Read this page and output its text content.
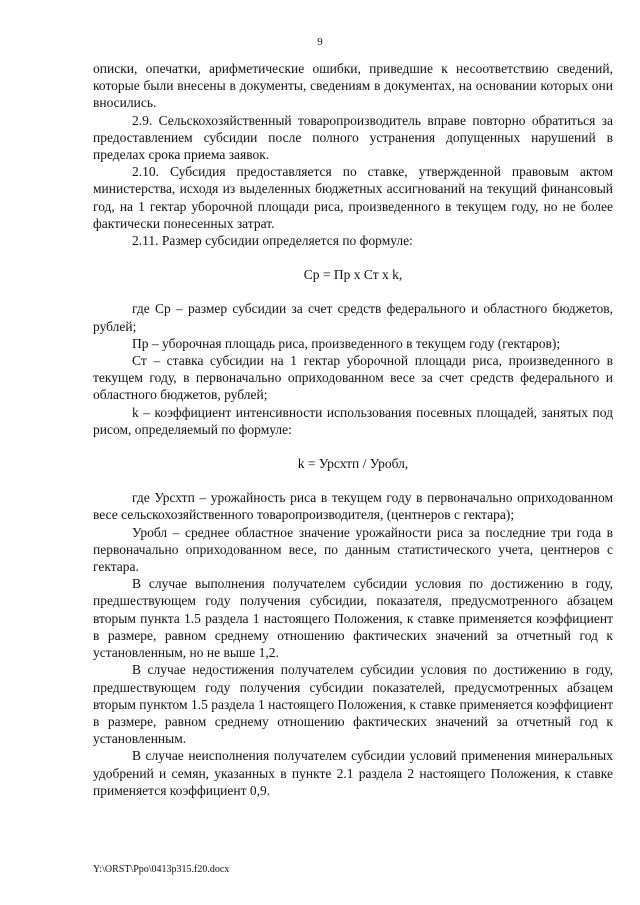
9

описки, опечатки, арифметические ошибки, приведшие к несоответствию сведений, которые были внесены в документы, сведениям в документах, на основании которых они вносились.

2.9. Сельскохозяйственный товаропроизводитель вправе повторно обратиться за предоставлением субсидии после полного устранения допущенных нарушений в пределах срока приема заявок.

2.10. Субсидия предоставляется по ставке, утвержденной правовым актом министерства, исходя из выделенных бюджетных ассигнований на текущий финансовый год, на 1 гектар уборочной площади риса, произведенного в текущем году, но не более фактически понесенных затрат.

2.11. Размер субсидии определяется по формуле:

Ср = Пр х Ст х k,

где Ср – размер субсидии за счет средств федерального и областного бюджетов, рублей;

Пр – уборочная площадь риса, произведенного в текущем году (гектаров);

Ст – ставка субсидии на 1 гектар уборочной площади риса, произведенного в текущем году, в первоначально оприходованном весе за счет средств федерального и областного бюджетов, рублей;

k – коэффициент интенсивности использования посевных площадей, занятых под рисом, определяемый по формуле:

k = Урсхтп / Уробл,

где Урсхтп – урожайность риса в текущем году в первоначально оприходованном весе сельскохозяйственного товаропроизводителя, (центнеров с гектара);

Уробл – среднее областное значение урожайности риса за последние три года в первоначально оприходованном весе, по данным статистического учета, центнеров с гектара.

В случае выполнения получателем субсидии условия по достижению в году, предшествующем году получения субсидии, показателя, предусмотренного абзацем вторым пункта 1.5 раздела 1 настоящего Положения, к ставке применяется коэффициент в размере, равном среднему отношению фактических значений за отчетный год к установленным, но не выше 1,2.

В случае недостижения получателем субсидии условия по достижению в году, предшествующем году получения субсидии показателей, предусмотренных абзацем вторым пунктом 1.5 раздела 1 настоящего Положения, к ставке применяется коэффициент в размере, равном среднему отношению фактических значений за отчетный год к установленным.

В случае неисполнения получателем субсидии условий применения минеральных удобрений и семян, указанных в пункте 2.1 раздела 2 настоящего Положения, к ставке применяется коэффициент 0,9.

Y:\ORST\Ppo\0413p315.f20.docx
